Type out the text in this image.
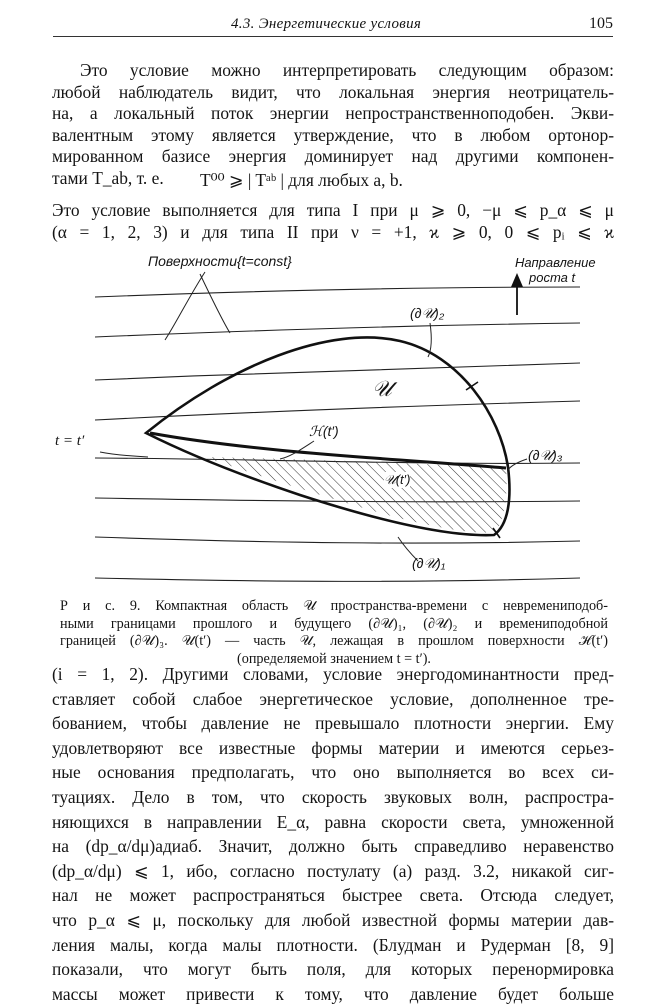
4.3. Энергетические условия	105
Это условие можно интерпретировать следующим образом:
любой наблюдатель видит, что локальная энергия неотрицатель-
на, а локальный поток энергии непространственноподобен. Экви-
валентным этому является утверждение, что в любом ортонор-
мированном базисе энергия доминирует над другими компонен-
тами T_ab, т. е.	T⁰⁰ ⩾ | Tᵃᵇ | для любых a, b.
Это условие выполняется для типа I при μ ⩾ 0, −μ ⩽ p_α ⩽ μ
(α = 1, 2, 3) и для типа II при ν = +1, ϰ ⩾ 0, 0 ⩽ pᵢ ⩽ ϰ
Поверхности{t=const}	Направление
роста t
(∂𝒰)₂
𝒰
ℋ(t′)
(∂𝒰)₃
𝒰(t′)
(∂𝒰)₁
t = t′
Р и с. 9. Компактная область 𝒰 пространства-времени с невремениподоб-
ными границами прошлого и будущего (∂𝒰)₁, (∂𝒰)₂ и времениподобной
границей (∂𝒰)₃. 𝒰(t′) — часть 𝒰, лежащая в прошлом поверхности ℋ(t′)
(определяемой значением t = t′).
(i = 1, 2). Другими словами, условие энергодоминантности пред-
ставляет собой слабое энергетическое условие, дополненное тре-
бованием, чтобы давление не превышало плотности энергии. Ему
удовлетворяют все известные формы материи и имеются серьез-
ные основания предполагать, что оно выполняется во всех си-
туациях. Дело в том, что скорость звуковых волн, распростра-
няющихся в направлении E_α, равна скорости света, умноженной
на (dp_α/dμ)адиаб. Значит, должно быть справедливо неравенство
(dp_α/dμ) ⩽ 1, ибо, согласно постулату (а) разд. 3.2, никакой сиг-
нал не может распространяться быстрее света. Отсюда следует,
что p_α ⩽ μ, поскольку для любой известной формы материи дав-
ления малы, когда малы плотности. (Блудман и Рудерман [8, 9]
показали, что могут быть поля, для которых перенормировка
массы может привести к тому, что давление будет больше
